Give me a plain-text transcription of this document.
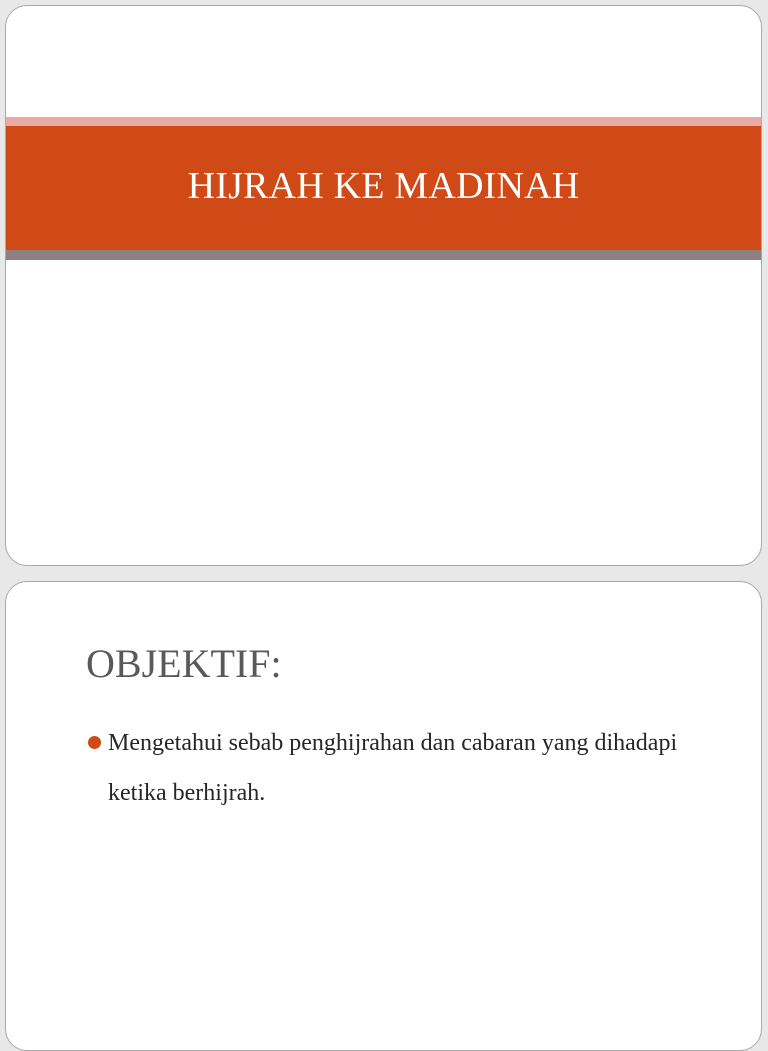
HIJRAH KE MADINAH
OBJEKTIF:
Mengetahui sebab penghijrahan dan cabaran yang dihadapi ketika berhijrah.
